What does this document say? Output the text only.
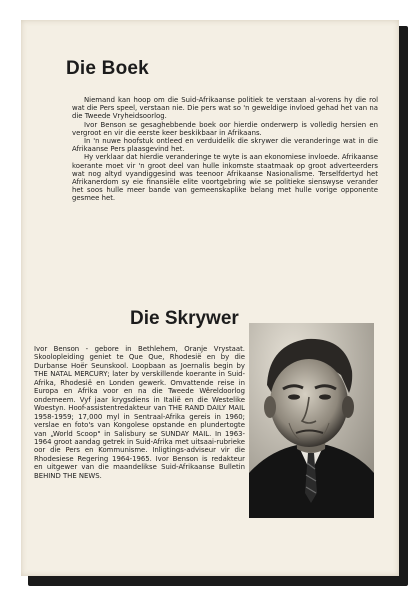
Die Boek

Niemand kan hoop om die Suid-Afrikaanse politiek te verstaan al-vorens hy die rol wat die Pers speel, verstaan nie. Die pers wat so 'n geweldige invloed gehad het van na die Tweede Vryheidsoorlog.

Ivor Benson se gesaghebbende boek oor hierdie onderwerp is volledig hersien en vergroot en vir die eerste keer beskikbaar in Afrikaans.

In 'n nuwe hoofstuk ontleed en verduidelik die skrywer die veranderinge wat in die Afrikaanse Pers plaasgevind het.

Hy verklaar dat hierdie veranderinge te wyte is aan ekonomiese invloede. Afrikaanse koerante moet vir 'n groot deel van hulle inkomste staatmaak op groot adverteerders wat nog altyd vyandiggesind was teenoor Afrikaanse Nasionalisme. Terselfdertyd het Afrikanerdom sy eie finansiële elite voortgebring wie se politieke sienswyse verander het soos hulle meer bande van gemeenskaplike belang met hulle vorige opponente gesmee het.

Die Skrywer
Ivor Benson - gebore in Bethlehem, Oranje Vrystaat. Skoolopleiding geniet te Que Que, Rhodesië en by die Durbanse Hoër Seunskool. Loopbaan as Joernalis begin by THE NATAL MERCURY; later by verskillende koerante in Suid-Afrika, Rhodesië en Londen gewerk. Omvattende reise in Europa en Afrika voor en na die Tweede Wêreldoorlog onderneem. Vyf jaar krygsdiens in Italië en die Westelike Woestyn. Hoof-assistentredakteur van THE RAND DAILY MAIL 1958-1959; 17,000 myl in Sentraal-Afrika gereis in 1960; verslae en foto's van Kongolese opstande en plundertogte van „World Scoop" in Salisbury se SUNDAY MAIL. In 1963-1964 groot aandag getrek in Suid-Afrika met uitsaai-rubrieke oor die Pers en Kommunisme. Inligtings-adviseur vir die Rhodesiese Regering 1964-1965. Ivor Benson is redakteur en uitgewer van die maandelikse Suid-Afrikaanse Bulletin BEHIND THE NEWS.
